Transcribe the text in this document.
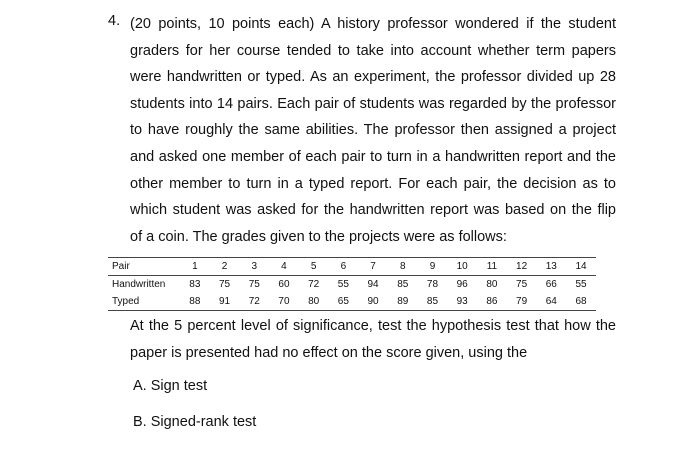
4. (20 points, 10 points each) A history professor wondered if the student
graders for her course tended to take into account whether term papers
were handwritten or typed. As an experiment, the professor divided up 28
students into 14 pairs. Each pair of students was regarded by the professor
to have roughly the same abilities. The professor then assigned a project
and asked one member of each pair to turn in a handwritten report and the
other member to turn in a typed report. For each pair, the decision as to
which student was asked for the handwritten report was based on the flip
of a coin. The grades given to the projects were as follows:
Pair	1	2	3	4	5	6	7	8	9	10	11	12	13	14
Handwritten	83	75	75	60	72	55	94	85	78	96	80	75	66	55
Typed	88	91	72	70	80	65	90	89	85	93	86	79	64	68
At the 5 percent level of significance, test the hypothesis test that how the
paper is presented had no effect on the score given, using the
A. Sign test
B. Signed-rank test
